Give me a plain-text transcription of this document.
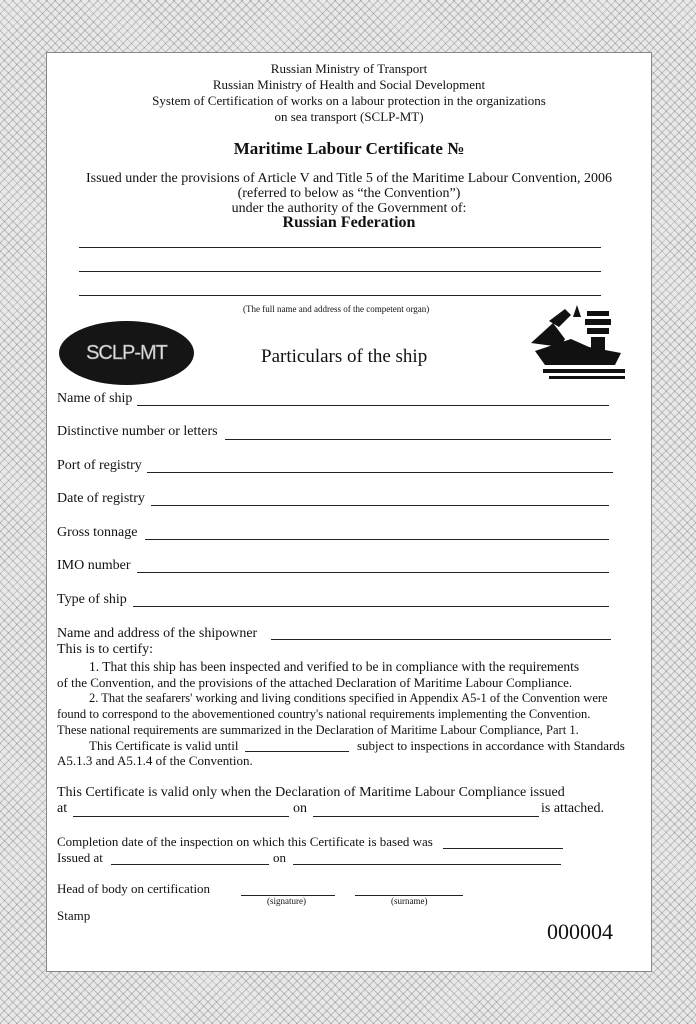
Russian Ministry of Transport
Russian Ministry of Health and Social Development
System of Certification of works on a labour protection in the organizations
on sea transport (SCLP-MT)
Maritime Labour Certificate №
Issued under the provisions of Article V and Title 5 of the Maritime Labour Convention, 2006
(referred to below as “the Convention”)
under the authority of the Government of:
Russian Federation
(The full name and address of the competent organ)
SCLP-MT	Particulars of the ship
Name of ship
Distinctive number or letters
Port of registry
Date of registry
Gross tonnage
IMO number
Type of ship
Name and address of the shipowner
This is to certify:
1. That this ship has been inspected and verified to be in compliance with the requirements
of the Convention, and the provisions of the attached Declaration of Maritime Labour Compliance.
2. That the seafarers' working and living conditions specified in Appendix A5-1 of the Convention were
found to correspond to the abovementioned country's national requirements implementing the Convention.
These national requirements are summarized in the Declaration of Maritime Labour Compliance, Part 1.
This Certificate is valid until	subject to inspections in accordance with Standards
A5.1.3 and A5.1.4 of the Convention.
This Certificate is valid only when the Declaration of Maritime Labour Compliance issued
at	on	is attached.
Completion date of the inspection on which this Certificate is based was
Issued at	on
Head of body on certification
(signature)	(surname)
Stamp
000004
